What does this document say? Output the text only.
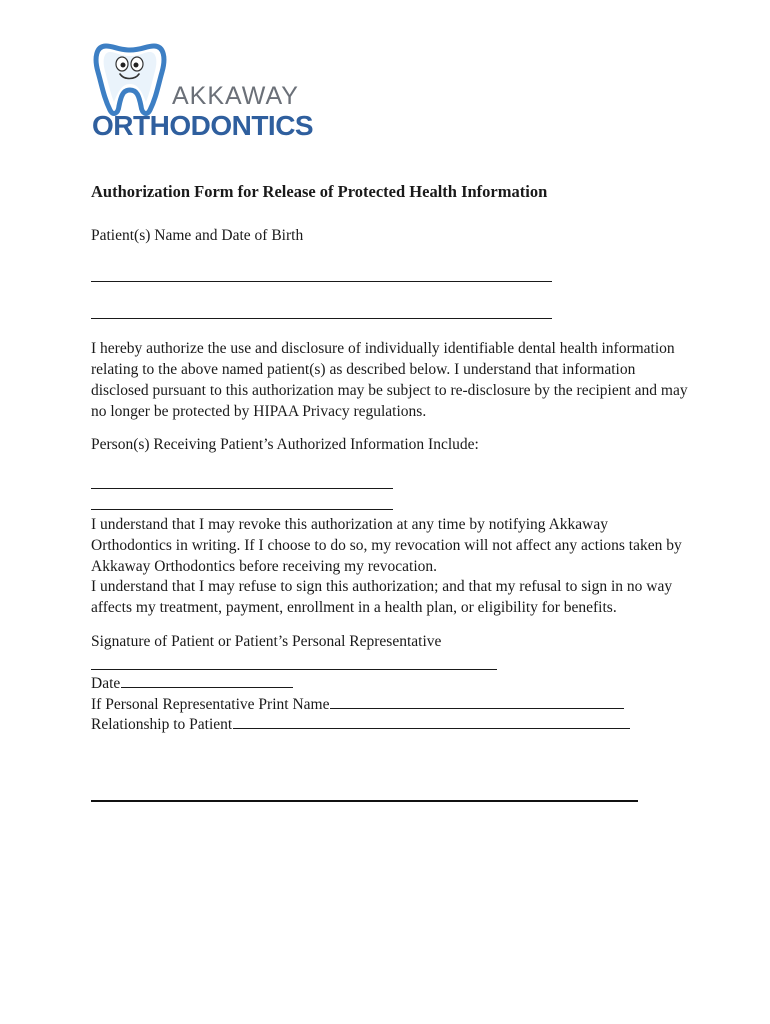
AKKAWAY
ORTHODONTICS
Authorization Form for Release of Protected Health Information
Patient(s) Name and Date of Birth
I hereby authorize the use and disclosure of individually identifiable dental health information relating to the above named patient(s) as described below. I understand that information disclosed pursuant to this authorization may be subject to re-disclosure by the recipient and may no longer be protected by HIPAA Privacy regulations.
Person(s) Receiving Patient’s Authorized Information Include:
I understand that I may revoke this authorization at any time by notifying Akkaway Orthodontics in writing. If I choose to do so, my revocation will not affect any actions taken by Akkaway Orthodontics before receiving my revocation.
I understand that I may refuse to sign this authorization; and that my refusal to sign in no way affects my treatment, payment, enrollment in a health plan, or eligibility for benefits.
Signature of Patient or Patient’s Personal Representative
Date
If Personal Representative Print Name
Relationship to Patient
